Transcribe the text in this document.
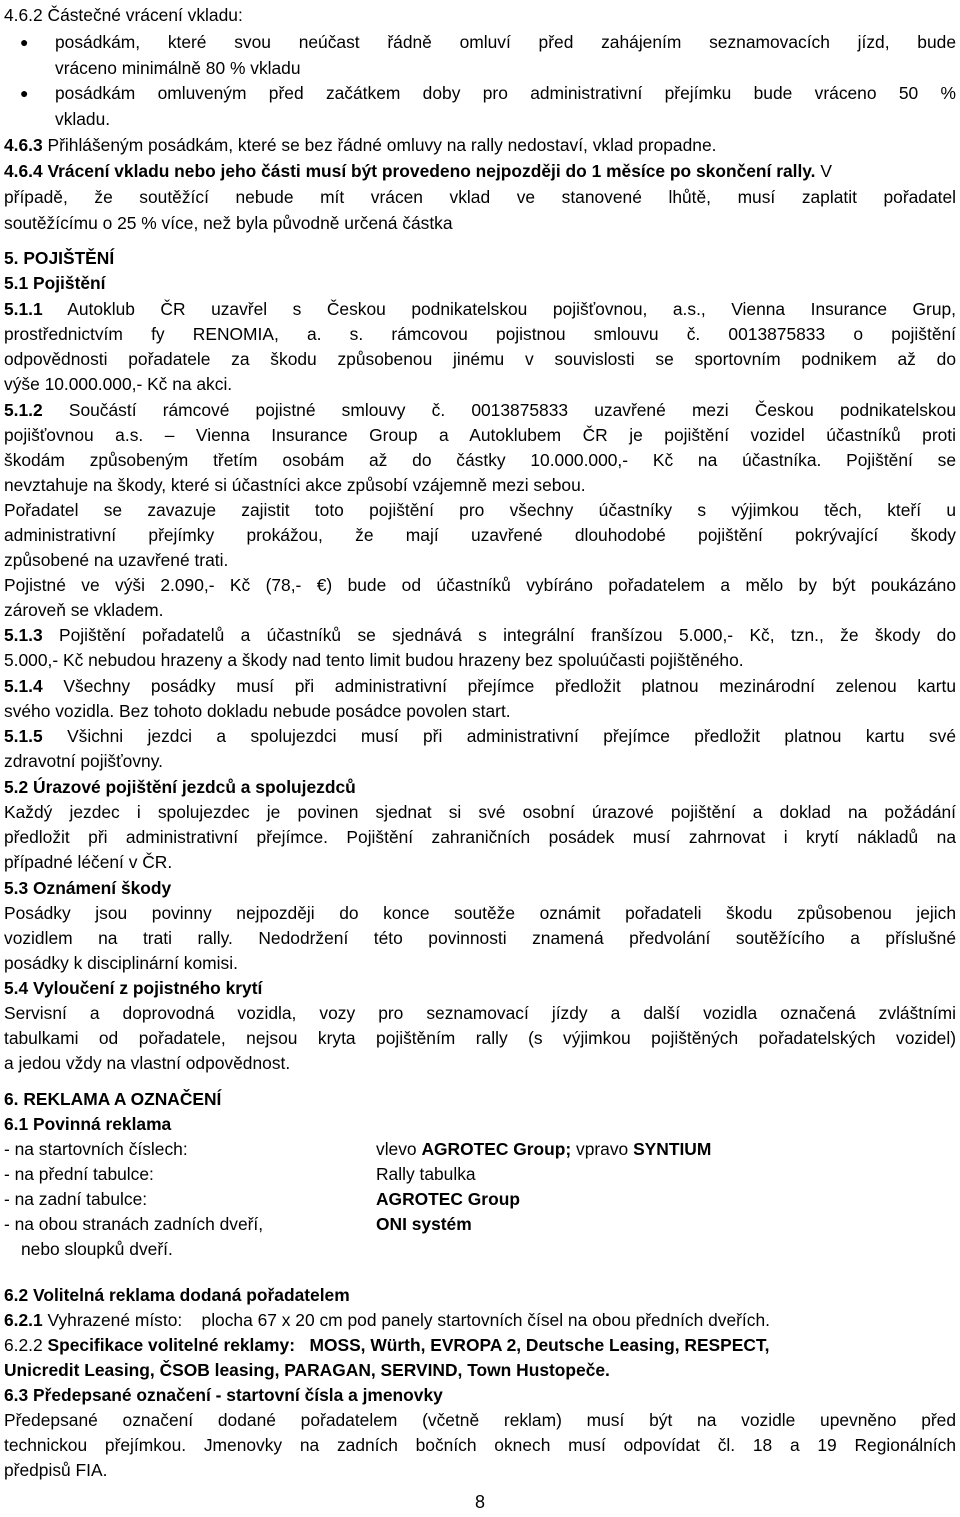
4.6.2 Částečné vrácení vkladu:
● posádkám, které svou neúčast řádně omluví před zahájením seznamovacích jízd, bude
vráceno minimálně 80 % vkladu
● posádkám omluveným před začátkem doby pro administrativní přejímku bude vráceno 50 %
vkladu.
4.6.3 Přihlášeným posádkám, které se bez řádné omluvy na rally nedostaví, vklad propadne.
4.6.4 Vrácení vkladu nebo jeho části musí být provedeno nejpozději do 1 měsíce po skončení rally. V
případě, že soutěžící nebude mít vrácen vklad ve stanovené lhůtě, musí zaplatit pořadatel
soutěžícímu o 25 % více, než byla původně určená částka
5. POJIŠTĚNÍ
5.1 Pojištění
5.1.1 Autoklub ČR uzavřel s Českou podnikatelskou pojišťovnou, a.s., Vienna Insurance Grup,
prostřednictvím fy RENOMIA, a. s. rámcovou pojistnou smlouvu č. 0013875833 o pojištění
odpovědnosti pořadatele za škodu způsobenou jinému v souvislosti se sportovním podnikem až do
výše 10.000.000,- Kč na akci.
5.1.2 Součástí rámcové pojistné smlouvy č. 0013875833 uzavřené mezi Českou podnikatelskou
pojišťovnou a.s. – Vienna Insurance Group a Autoklubem ČR je pojištění vozidel účastníků proti
škodám způsobeným třetím osobám až do částky 10.000.000,- Kč na účastníka. Pojištění se
nevztahuje na škody, které si účastníci akce způsobí vzájemně mezi sebou.
Pořadatel se zavazuje zajistit toto pojištění pro všechny účastníky s výjimkou těch, kteří u
administrativní přejímky prokážou, že mají uzavřené dlouhodobé pojištění pokrývající škody
způsobené na uzavřené trati.
Pojistné ve výši 2.090,- Kč (78,- €) bude od účastníků vybíráno pořadatelem a mělo by být poukázáno
zároveň se vkladem.
5.1.3 Pojištění pořadatelů a účastníků se sjednává s integrální franšízou 5.000,- Kč, tzn., že škody do
5.000,- Kč nebudou hrazeny a škody nad tento limit budou hrazeny bez spoluúčasti pojištěného.
5.1.4 Všechny posádky musí při administrativní přejímce předložit platnou mezinárodní zelenou kartu
svého vozidla. Bez tohoto dokladu nebude posádce povolen start.
5.1.5 Všichni jezdci a spolujezdci musí při administrativní přejímce předložit platnou kartu své
zdravotní pojišťovny.
5.2 Úrazové pojištění jezdců a spolujezdců
Každý jezdec i spolujezdec je povinen sjednat si své osobní úrazové pojištění a doklad na požádání
předložit při administrativní přejímce. Pojištění zahraničních posádek musí zahrnovat i krytí nákladů na
případné léčení v ČR.
5.3 Oznámení škody
Posádky jsou povinny nejpozději do konce soutěže oznámit pořadateli škodu způsobenou jejich
vozidlem na trati rally. Nedodržení této povinnosti znamená předvolání soutěžícího a příslušné
posádky k disciplinární komisi.
5.4 Vyloučení z pojistného krytí
Servisní a doprovodná vozidla, vozy pro seznamovací jízdy a další vozidla označená zvláštními
tabulkami od pořadatele, nejsou kryta pojištěním rally (s výjimkou pojištěných pořadatelských vozidel)
a jedou vždy na vlastní odpovědnost.
6. REKLAMA A OZNAČENÍ
6.1 Povinná reklama
- na startovních číslech:	vlevo AGROTEC Group; vpravo SYNTIUM
- na přední tabulce:	Rally tabulka
- na zadní tabulce:	AGROTEC Group
- na obou stranách zadních dveří,	ONI systém
nebo sloupků dveří.
6.2 Volitelná reklama dodaná pořadatelem
6.2.1 Vyhrazené místo:    plocha 67 x 20 cm pod panely startovních čísel na obou předních dveřích.
6.2.2 Specifikace volitelné reklamy:   MOSS, Würth, EVROPA 2, Deutsche Leasing, RESPECT,
Unicredit Leasing, ČSOB leasing, PARAGAN, SERVIND, Town Hustopeče.
6.3 Předepsané označení - startovní čísla a jmenovky
Předepsané označení dodané pořadatelem (včetně reklam) musí být na vozidle upevněno před
technickou přejímkou. Jmenovky na zadních bočních oknech musí odpovídat čl. 18 a 19 Regionálních
předpisů FIA.
8
